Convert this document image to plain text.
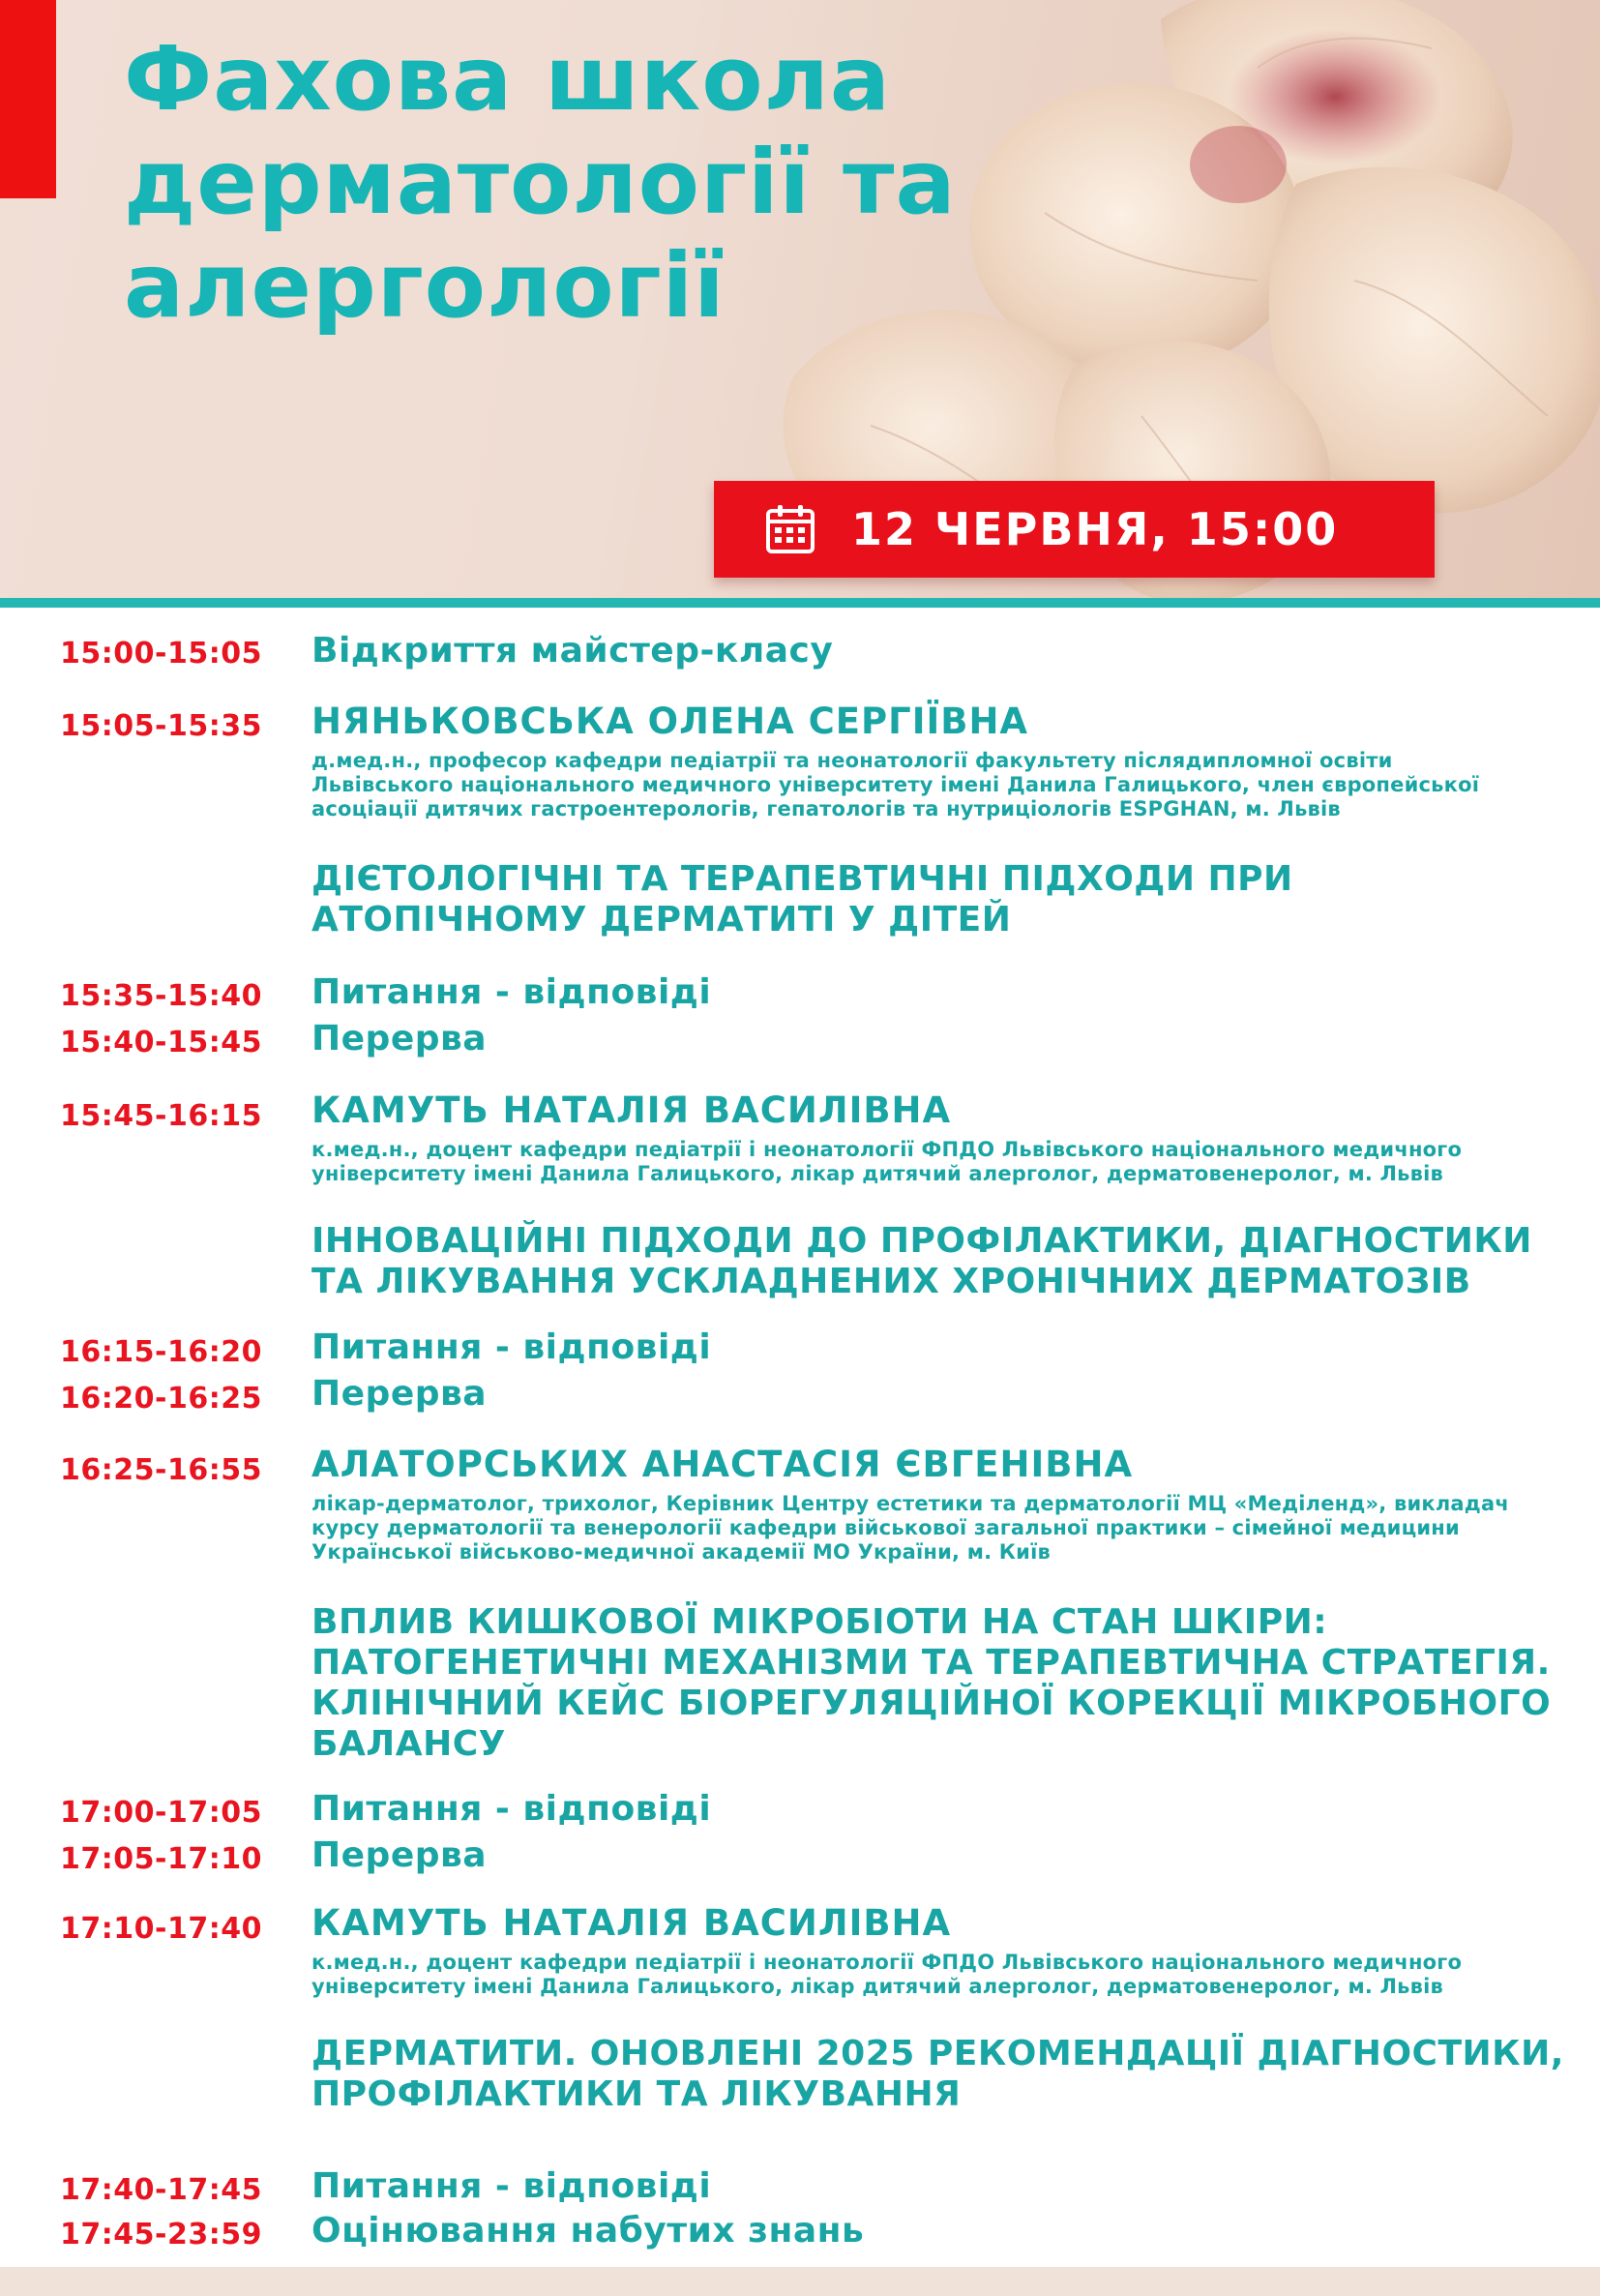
Фахова школа
дерматології та
алергології
12 ЧЕРВНЯ, 15:00
15:00-15:05 Відкриття майстер-класу
15:05-15:35 НЯНЬКОВСЬКА ОЛЕНА СЕРГІЇВНА
д.мед.н., професор кафедри педіатрії та неонатології факультету післядипломної освіти
Львівського національного медичного університету імені Данила Галицького, член європейської
асоціації дитячих гастроентерологів, гепатологів та нутриціологів ESPGHAN, м. Львів
ДІЄТОЛОГІЧНІ ТА ТЕРАПЕВТИЧНІ ПІДХОДИ ПРИ
АТОПІЧНОМУ ДЕРМАТИТІ У ДІТЕЙ
15:35-15:40 Питання - відповіді
15:40-15:45 Перерва
15:45-16:15 КАМУТЬ НАТАЛІЯ ВАСИЛІВНА
к.мед.н., доцент кафедри педіатрії і неонатології ФПДО Львівського національного медичного
університету імені Данила Галицького, лікар дитячий алерголог, дерматовенеролог, м. Львів
ІННОВАЦІЙНІ ПІДХОДИ ДО ПРОФІЛАКТИКИ, ДІАГНОСТИКИ
ТА ЛІКУВАННЯ УСКЛАДНЕНИХ ХРОНІЧНИХ ДЕРМАТОЗІВ
16:15-16:20 Питання - відповіді
16:20-16:25 Перерва
16:25-16:55 АЛАТОРСЬКИХ АНАСТАСІЯ ЄВГЕНІВНА
лікар-дерматолог, трихолог, Керівник Центру естетики та дерматології МЦ «Меділенд», викладач
курсу дерматології та венерології кафедри військової загальної практики – сімейної медицини
Української військово-медичної академії МО України, м. Київ
ВПЛИВ КИШКОВОЇ МІКРОБІОТИ НА СТАН ШКІРИ:
ПАТОГЕНЕТИЧНІ МЕХАНІЗМИ ТА ТЕРАПЕВТИЧНА СТРАТЕГІЯ.
КЛІНІЧНИЙ КЕЙС БІОРЕГУЛЯЦІЙНОЇ КОРЕКЦІЇ МІКРОБНОГО
БАЛАНСУ
17:00-17:05 Питання - відповіді
17:05-17:10 Перерва
17:10-17:40 КАМУТЬ НАТАЛІЯ ВАСИЛІВНА
к.мед.н., доцент кафедри педіатрії і неонатології ФПДО Львівського національного медичного
університету імені Данила Галицького, лікар дитячий алерголог, дерматовенеролог, м. Львів
ДЕРМАТИТИ. ОНОВЛЕНІ 2025 РЕКОМЕНДАЦІЇ ДІАГНОСТИКИ,
ПРОФІЛАКТИКИ ТА ЛІКУВАННЯ
17:40-17:45 Питання - відповіді
17:45-23:59 Оцінювання набутих знань
